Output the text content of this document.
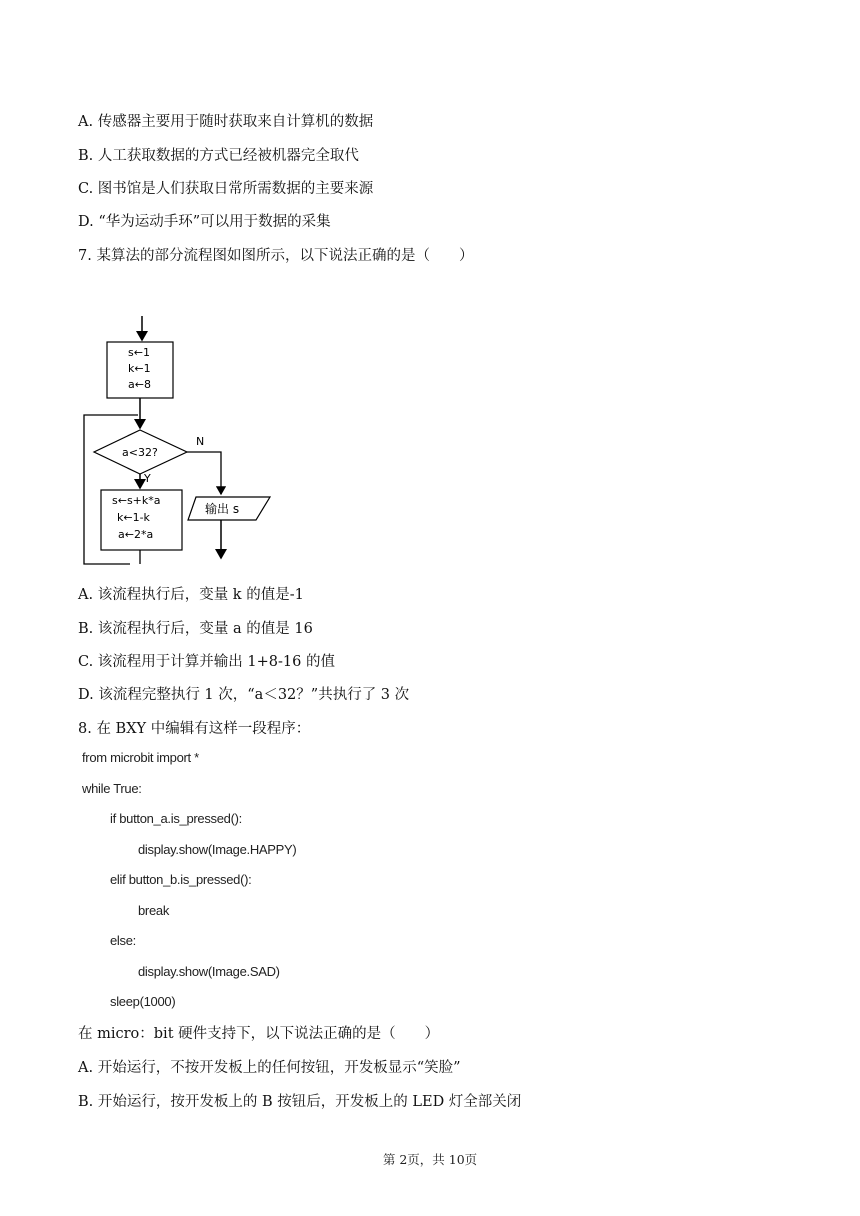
A. 传感器主要用于随时获取来自计算机的数据
B. 人工获取数据的方式已经被机器完全取代
C. 图书馆是人们获取日常所需数据的主要来源
D. “华为运动手环”可以用于数据的采集
7. 某算法的部分流程图如图所示，以下说法正确的是（　　）
s←1
k←1
a←8
a<32?
N
Y
s←s+k*a
k←1-k
a←2*a
输出 s
A. 该流程执行后，变量 k 的值是-1
B. 该流程执行后，变量 a 的值是 16
C. 该流程用于计算并输出 1+8-16 的值
D. 该流程完整执行 1 次，“a＜32？”共执行了 3 次
8. 在 BXY 中编辑有这样一段程序：
from microbit import *
while True:
if button_a.is_pressed():
display.show(Image.HAPPY)
elif button_b.is_pressed():
break
else:
display.show(Image.SAD)
sleep(1000)
在 micro：bit 硬件支持下，以下说法正确的是（　　）
A. 开始运行，不按开发板上的任何按钮，开发板显示“笑脸”
B. 开始运行，按开发板上的 B 按钮后，开发板上的 LED 灯全部关闭
第 2页，共 10页
